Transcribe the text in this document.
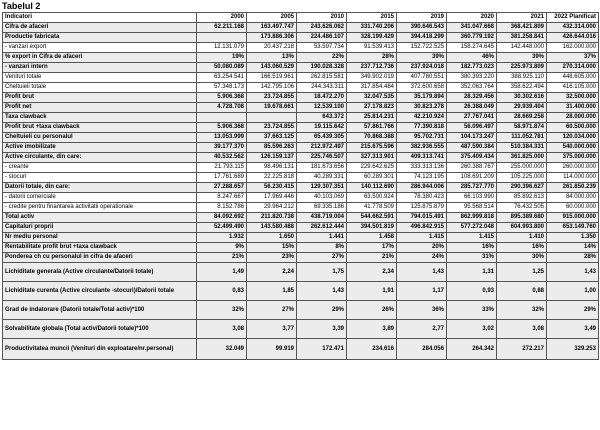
Tabelul 2
Indicatori	2000	2005	2010	2015	2019	2020	2021	2022 Planificat
Cifra de afaceri	62.211.168	163.497.747	243.626.062	331.740.206	390.646.543	341.047.668	368.421.809	432.314.000
Productie fabricata		173.886.306	224.486.107	328.199.429	394.418.299	360.779.192	381.258.841	426.644.016
- vanzari export	12.131.079	20.437.218	53.597.734	91.539.413	152.722.525	158.274.645	142.448.000	162.000.000
% export in Cifra de afaceri	19%	13%	22%	28%	39%	46%	39%	37%
- vanzari intern	50.080.089	143.060.529	190.028.328	237.712.736	237.924.018	182.773.023	225.973.809	270.314.000
Venituri totale	63.254.541	166.519.961	262.815.581	349.902.019	407.780.551	380.393.220	388.925.110	448.605.000
Cheltuieli totale	57.348.173	142.795.106	244.343.311	317.854.484	372.600.658	352.063.764	358.622.494	416.105.000
Profit brut	5.906.368	23.724.855	18.472.270	32.047.535	35.179.894	28.329.456	30.302.616	32.500.000
Profit net	4.728.708	19.678.661	12.539.100	27.178.823	30.823.278	26.388.049	29.939.404	31.400.000
Taxa clawback			643.372	25.814.231	42.210.924	27.767.041	28.669.258	28.000.000
Profit brut +taxa clawback	5.906.368	23.724.855	19.115.642	57.861.766	77.390.818	56.096.497	58.971.874	60.500.000
Cheltuieli cu personalul	13.053.999	37.663.125	65.439.305	70.868.388	95.702.731	104.173.247	111.052.781	120.034.000
Active imobilizate	39.177.370	85.596.263	212.972.497	215.675.596	382.936.555	487.590.384	510.384.331	540.000.000
Active circulante, din care:	40.532.562	126.159.137	225.746.507	327.313.901	409.313.741	375.409.434	361.825.000	375.000.000
- creante	21.793.115	98.496.131	181.673.656	229.642.625	333.313.136	260.388.767	255.000.000	260.000.000
- stocuri	17.761.689	22.225.818	40.289.331	60.289.301	74.123.195	108.691.209	105.225.000	114.000.000
Datorii totale, din care:	27.288.657	56.230.415	129.307.351	140.112.690	286.944.006	285.727.770	290.396.627	261.850.239
- datorii comerciale	8.247.667	17.969.446	40.103.069	63.500.924	78.380.423	66.103.990	85.892.613	84.000.000
- credite pentru finantarea activitatii operationale	8.152.786	29.964.212	69.335.186	41.778.509	125.875.879	95.568.514	76.432.505	60.000.000
Total activ	84.092.692	211.820.738	438.719.004	544.662.591	794.015.491	862.999.818	895.389.680	915.000.000
Capitaluri proprii	52.499.490	143.580.488	262.612.444	394.501.819	496.842.915	577.272.048	604.993.800	653.149.760
Nr mediu personal	1.932	1.650	1.441	1.458	1.415	1.415	1.410	1.350
Rentabilitate profit brut +taxa clawback	9%	15%	8%	17%	20%	16%	16%	14%
Ponderea ch cu personalul in cifra de afaceri	21%	23%	27%	21%	24%	31%	30%	28%
Lichiditate generala (Active circulante/Datorii totale)	1,49	2,24	1,75	2,34	1,43	1,31	1,25	1,43
Lichiditate curenta (Active circulante -stocuri)/Datorii totale	0,83	1,85	1,43	1,91	1,17	0,93	0,88	1,00
Grad de indatorare (Datorii totale/Total activ)*100	32%	27%	29%	26%	36%	33%	32%	29%
Solvabilitate globala (Total activ/Datorii totale)*100	3,08	3,77	3,39	3,89	2,77	3,02	3,08	3,49
Productivitatea muncii (Venituri din exploatare/nr.personal)	32.049	99.919	172.471	234.616	284.056	264.342	272.217	329.253
